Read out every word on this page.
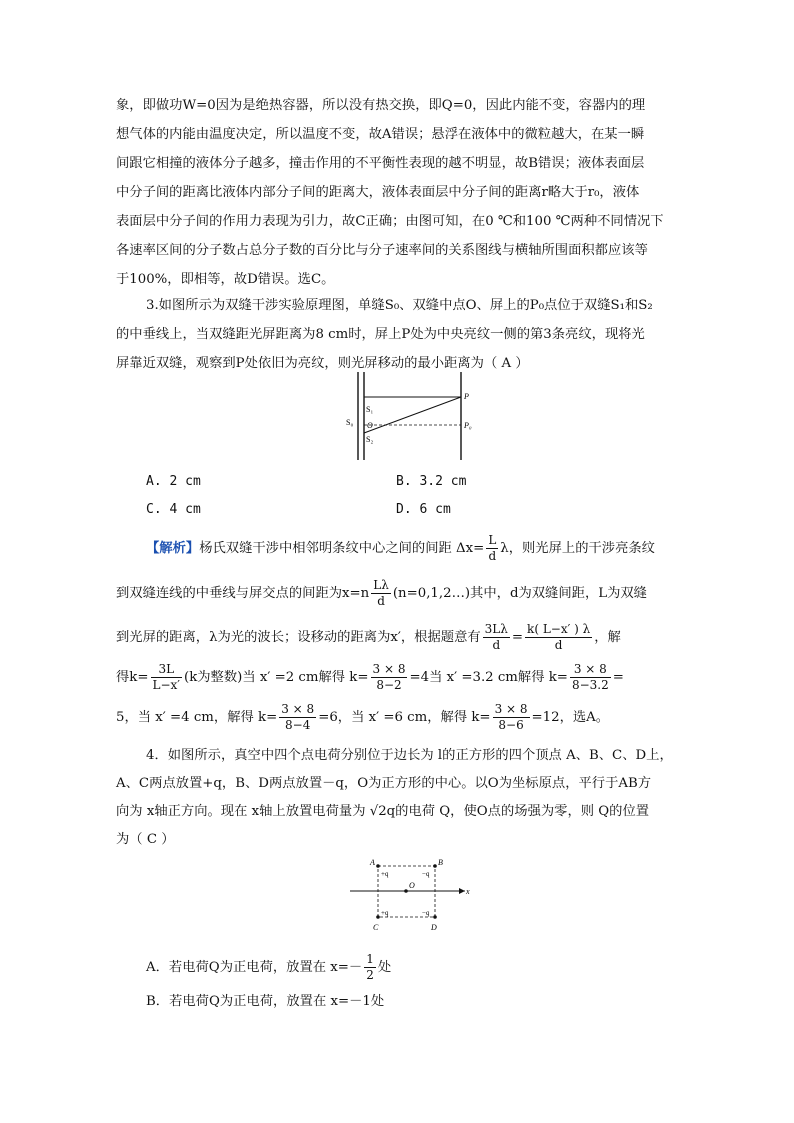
象，即做功W=0因为是绝热容器，所以没有热交换，即Q=0，因此内能不变，容器内的理
想气体的内能由温度决定，所以温度不变，故A错误；悬浮在液体中的微粒越大，在某一瞬
间跟它相撞的液体分子越多，撞击作用的不平衡性表现的越不明显，故B错误；液体表面层
中分子间的距离比液体内部分子间的距离大，液体表面层中分子间的距离r略大于r₀，液体
表面层中分子间的作用力表现为引力，故C正确；由图可知，在0 ℃和100 ℃两种不同情况下
各速率区间的分子数占总分子数的百分比与分子速率间的关系图线与横轴所围面积都应该等
于100%，即相等，故D错误。选C。
3.如图所示为双缝干涉实验原理图，单缝S₀、双缝中点O、屏上的P₀点位于双缝S₁和S₂
的中垂线上，当双缝距光屏距离为8 cm时，屏上P处为中央亮纹一侧的第3条亮纹，现将光
屏靠近双缝，观察到P处依旧为亮纹，则光屏移动的最小距离为（ A ）
S₀
S₁
O
S₂
P
P₀
A. 2 cm	B. 3.2 cm
C. 4 cm	D. 6 cm
【解析】杨氏双缝干涉中相邻明条纹中心之间的间距 $\Delta x= \frac{L}{d}$ λ，则光屏上的干涉亮条纹
到双缝连线的中垂线与屏交点的间距为$x=n \frac{L\lambda}{d}$ (n=0,1,2…)其中，d为双缝间距，L为双缝
到光屏的距离，λ为光的波长；设移动的距离为x′，根据题意有 $\frac{3L\lambda}{d} = \frac{k( L-x' ) \lambda}{d}$ ，解
得$k= \frac{3L}{L-x'} (k$为整数)当 x′ =2 cm解得 $k= \frac{3 \times 8}{8-2} =4$当 x′ =3.2 cm解得 $k= \frac{3 \times 8}{8-3.2}$ =
5，当 x′ =4 cm，解得 $k= \frac{3 \times 8}{8-4} =6$，当 x′ =6 cm，解得 $k= \frac{3 \times 8}{8-6} =12$，选A。
4．如图所示，真空中四个点电荷分别位于边长为 l的正方形的四个顶点 A、B、C、D上，
A、C两点放置+q，B、D两点放置－q，O为正方形的中心。以O为坐标原点，平行于AB方
向为 x轴正方向。现在 x轴上放置电荷量为 √2q的电荷 Q，使O点的场强为零，则 Q的位置
为（ C ）
A	B
C	D
+q	−q
+q	−q
O
x
A．若电荷Q为正电荷，放置在 $x=- \frac{1}{2}$ 处
B．若电荷Q为正电荷，放置在 x=－1处
